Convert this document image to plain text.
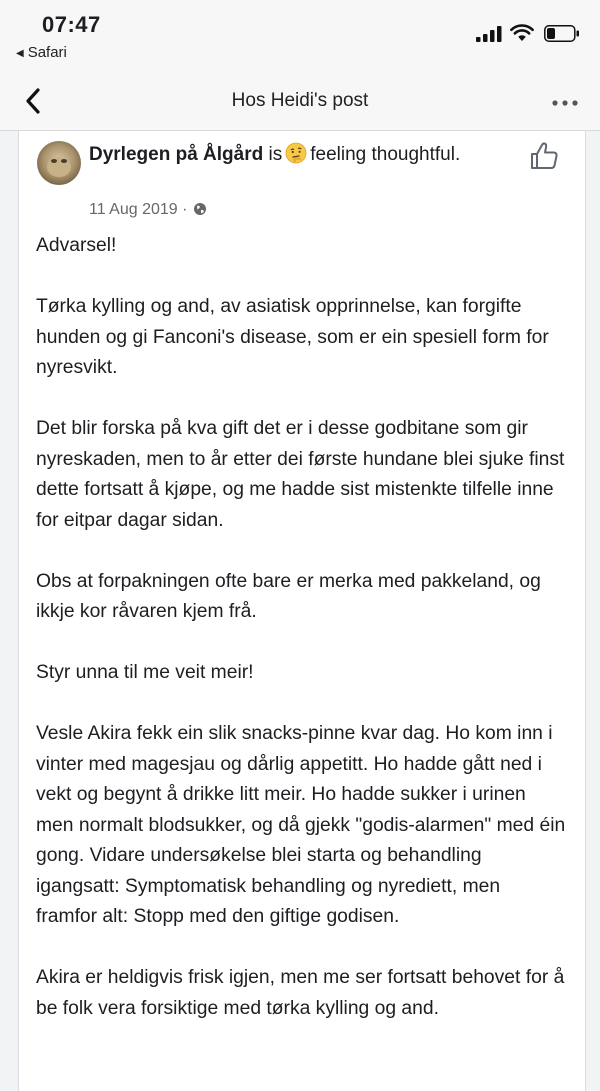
07:47
◀ Safari
Hos Heidi's post
Dyrlegen på Ålgård is feeling thoughtful.
11 Aug 2019 ·

Advarsel!

Tørka kylling og and, av asiatisk opprinnelse, kan forgifte hunden og gi Fanconi's disease, som er ein spesiell form for nyresvikt.

Det blir forska på kva gift det er i desse godbitane som gir nyreskaden, men to år etter dei første hundane blei sjuke finst dette fortsatt å kjøpe, og me hadde sist mistenkte tilfelle inne for eitpar dagar sidan.

Obs at forpakningen ofte bare er merka med pakkeland, og ikkje kor råvaren kjem frå.

Styr unna til me veit meir!

Vesle Akira fekk ein slik snacks-pinne kvar dag. Ho kom inn i vinter med magesjau og dårlig appetitt. Ho hadde gått ned i vekt og begynt å drikke litt meir. Ho hadde sukker i urinen men normalt blodsukker, og då gjekk "godis-alarmen" med éin gong. Vidare undersøkelse blei starta og behandling igangsatt: Symptomatisk behandling og nyrediett, men framfor alt: Stopp med den giftige godisen.

Akira er heldigvis frisk igjen, men me ser fortsatt behovet for å be folk vera forsiktige med tørka kylling og and.
